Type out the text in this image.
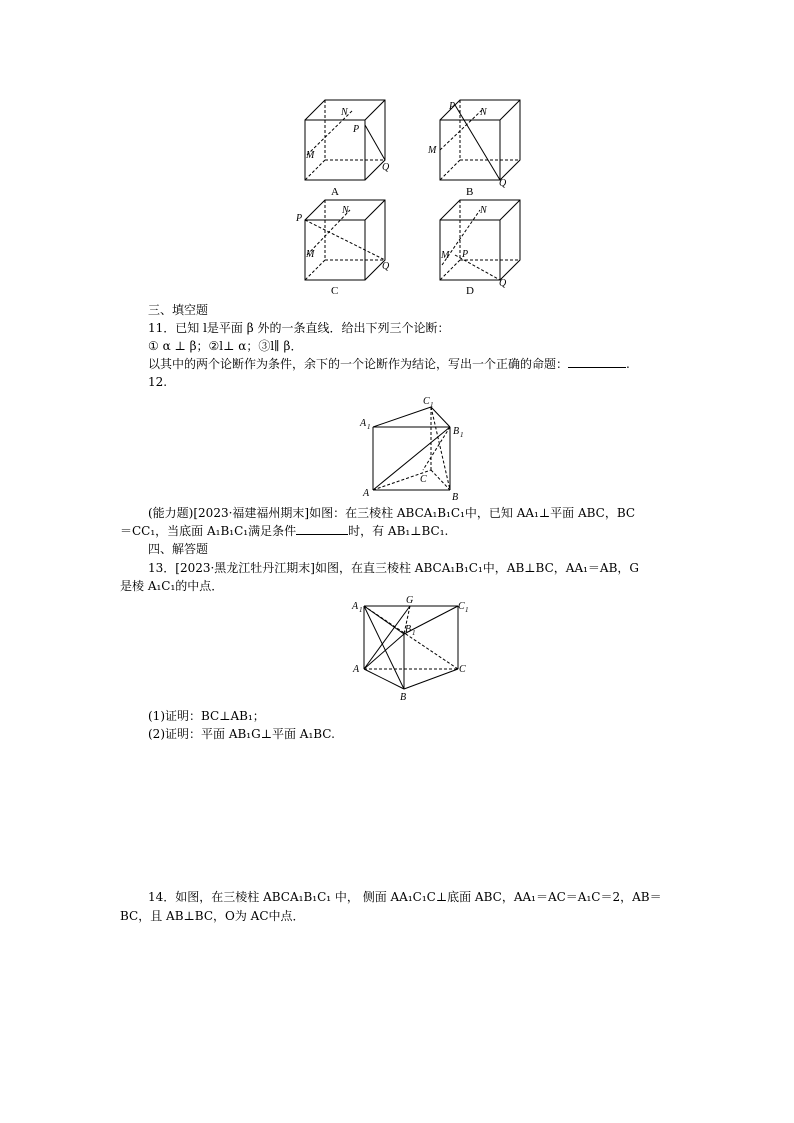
N
P
M
Q
A
P
N
M
Q
B
P
N
M
Q
C
N
M P
Q
D
三、填空题
11．已知 l是平面 β 外的一条直线．给出下列三个论断：
① α ⊥ β；②l⊥ α；③l∥ β．
以其中的两个论断作为条件，余下的一个论断作为结论，写出一个正确的命题：	.
12.
A 1
C 1
B 1
A
C
B
(能力题)[2023·福建福州期末]如图：在三棱柱 ABCA₁B₁C₁中，已知 AA₁⊥平面 ABC，BC
＝CC₁，当底面 A₁B₁C₁满足条件	时，有 AB₁⊥BC₁.
四、解答题
13．[2023·黑龙江牡丹江期末]如图，在直三棱柱 ABCA₁B₁C₁中，AB⊥BC，AA₁＝AB，G
是棱 A₁C₁的中点．
A 1
G
C 1
B 1
A	C
B
(1)证明：BC⊥AB₁；
(2)证明：平面 AB₁G⊥平面 A₁BC.
14．如图，在三棱柱 ABCA₁B₁C₁ 中， 侧面 AA₁C₁C⊥底面 ABC，AA₁＝AC＝A₁C＝2，AB＝
BC，且 AB⊥BC，O为 AC中点．
